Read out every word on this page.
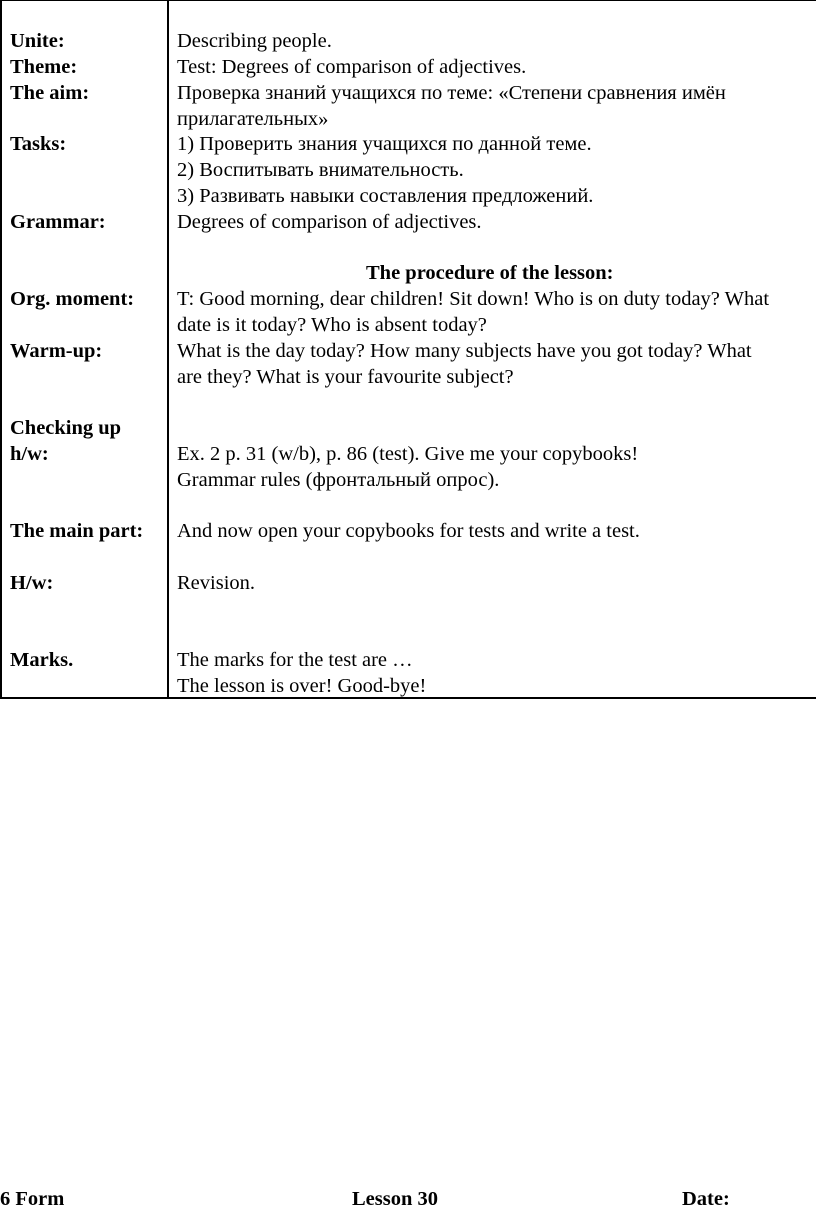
Unite:
Theme:
The aim:
Tasks:
Grammar:
Org. moment:
Warm-up:
Checking up
h/w:
The main part:
H/w:
Marks.
Describing people.
Test: Degrees of comparison of adjectives.
Проверка знаний учащихся по теме: «Степени сравнения имён
прилагательных»
1) Проверить знания учащихся по данной теме.
2) Воспитывать внимательность.
3) Развивать навыки составления предложений.
Degrees of comparison of adjectives.
The procedure of the lesson:
T: Good morning, dear children! Sit down! Who is on duty today? What
date is it today? Who is absent today?
What is the day today? How many subjects have you got today? What
are they? What is your favourite subject?
Ex. 2 p. 31 (w/b), p. 86 (test). Give me your copybooks!
Grammar rules (фронтальный опрос).
And now open your copybooks for tests and write a test.
Revision.
The marks for the test are …
The lesson is over! Good-bye!
6 Form	Lesson 30	Date:
